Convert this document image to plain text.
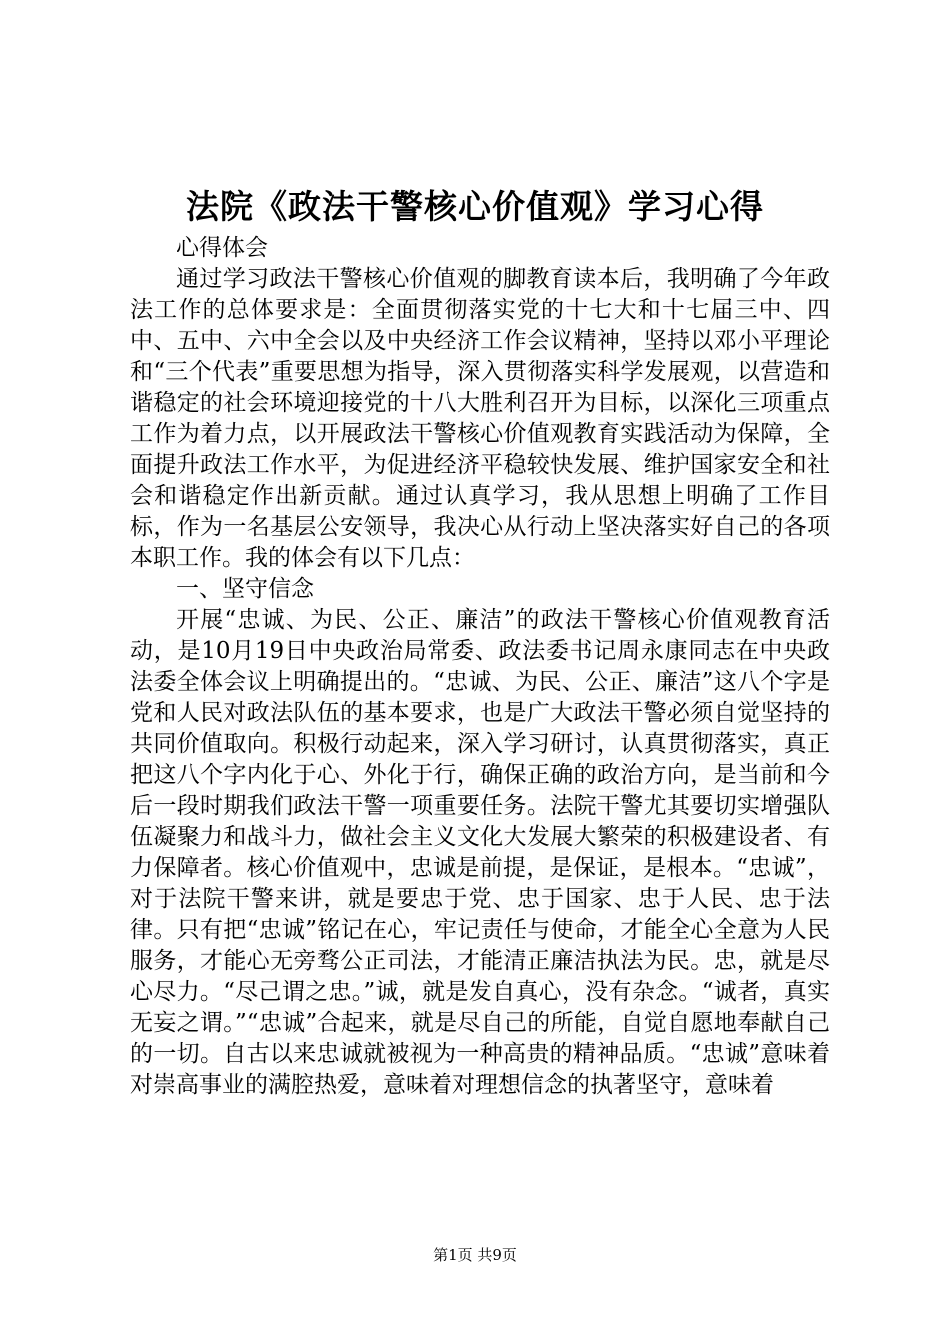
法院《政法干警核心价值观》学习心得

心得体会

通过学习政法干警核心价值观的脚教育读本后，我明确了今年政法工作的总体要求是：全面贯彻落实党的十七大和十七届三中、四中、五中、六中全会以及中央经济工作会议精神，坚持以邓小平理论和“三个代表”重要思想为指导，深入贯彻落实科学发展观，以营造和谐稳定的社会环境迎接党的十八大胜利召开为目标，以深化三项重点工作为着力点，以开展政法干警核心价值观教育实践活动为保障，全面提升政法工作水平，为促进经济平稳较快发展、维护国家安全和社会和谐稳定作出新贡献。通过认真学习，我从思想上明确了工作目标，作为一名基层公安领导，我决心从行动上坚决落实好自己的各项本职工作。我的体会有以下几点：

一、坚守信念

开展“忠诚、为民、公正、廉洁”的政法干警核心价值观教育活动，是10月19日中央政治局常委、政法委书记周永康同志在中央政法委全体会议上明确提出的。“忠诚、为民、公正、廉洁”这八个字是党和人民对政法队伍的基本要求，也是广大政法干警必须自觉坚持的共同价值取向。积极行动起来，深入学习研讨，认真贯彻落实，真正把这八个字内化于心、外化于行，确保正确的政治方向，是当前和今后一段时期我们政法干警一项重要任务。法院干警尤其要切实增强队伍凝聚力和战斗力，做社会主义文化大发展大繁荣的积极建设者、有力保障者。核心价值观中，忠诚是前提，是保证，是根本。“忠诚”，对于法院干警来讲，就是要忠于党、忠于国家、忠于人民、忠于法律。只有把“忠诚”铭记在心，牢记责任与使命，才能全心全意为人民服务，才能心无旁骛公正司法，才能清正廉洁执法为民。忠，就是尽心尽力。“尽己谓之忠。”诚，就是发自真心，没有杂念。“诚者，真实无妄之谓。”“忠诚”合起来，就是尽自己的所能，自觉自愿地奉献自己的一切。自古以来忠诚就被视为一种高贵的精神品质。“忠诚”意味着对崇高事业的满腔热爱，意味着对理想信念的执著坚守，意味着

第1页 共9页
